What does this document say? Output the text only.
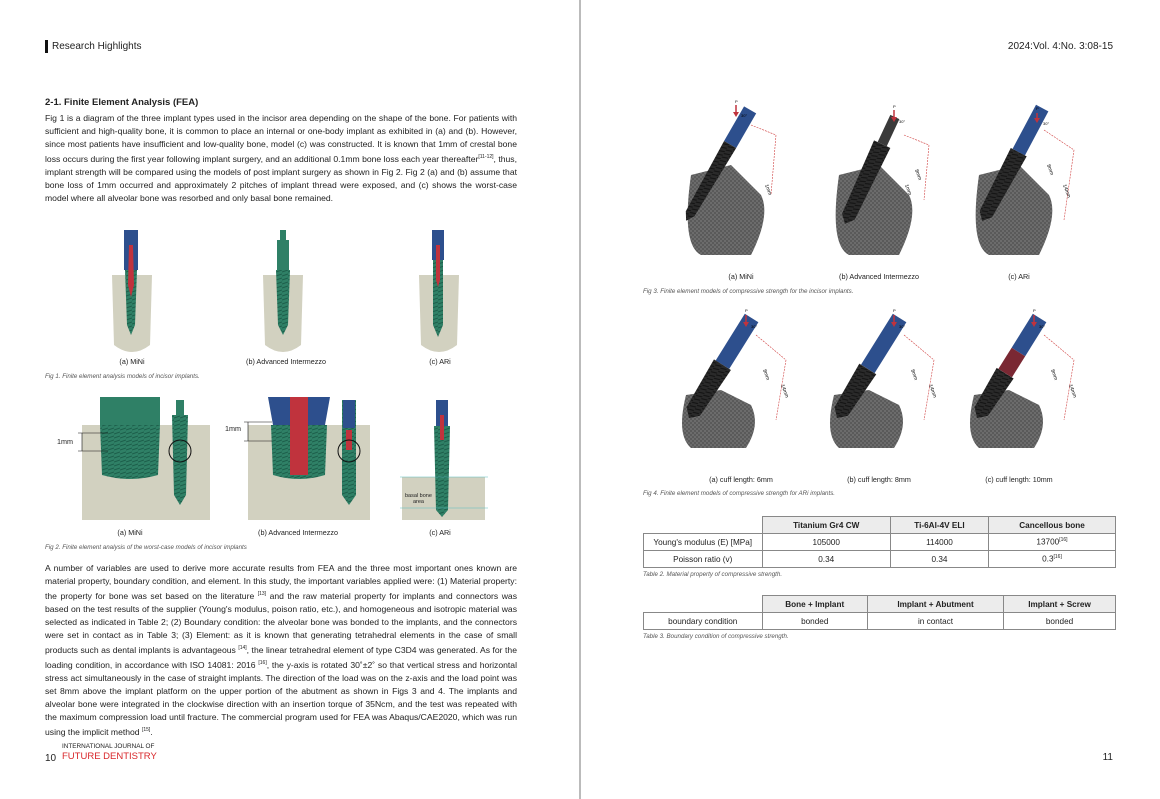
Research Highlights
2-1. Finite Element Analysis (FEA)

Fig 1 is a diagram of the three implant types used in the incisor area depending on the shape of the bone. For patients with sufficient and high-quality bone, it is common to place an internal or one-body implant as exhibited in (a) and (b). However, since most patients have insufficient and low-quality bone, model (c) was constructed. It is known that 1mm of crestal bone loss occurs during the first year following implant surgery, and an additional 0.1mm bone loss each year thereafter[11-12], thus, implant strength will be compared using the models of post implant surgery as shown in Fig 2. Fig 2 (a) and (b) assume that bone loss of 1mm occurred and approximately 2 pitches of implant thread were exposed, and (c) shows the worst-case model where all alveolar bone was resorbed and only basal bone remained.

(a) MiNi	(b) Advanced Intermezzo	(c) ARi
Fig 1. Finite element analysis models of incisor implants.
1mm
1mm
basal bone
area
(a) MiNi	(b) Advanced Intermezzo	(c) ARi
Fig 2. Finite element analysis of the worst-case models of incisor implants

A number of variables are used to derive more accurate results from FEA and the three most important ones known are material property, boundary condition, and element. In this study, the important variables applied were: (1) Material property: the property for bone was set based on the literature [13] and the raw material property for implants and connectors was based on the test results of the supplier (Young's modulus, poison ratio, etc.), and homogeneous and isotropic material was selected as indicated in Table 2; (2) Boundary condition: the alveolar bone was bonded to the implants, and the connectors were set in contact as in Table 3; (3) Element: as it is known that generating tetrahedral elements in the case of small products such as dental implants is advantageous [14], the linear tetrahedral element of type C3D4 was generated. As for the loading condition, in accordance with ISO 14081: 2016 [16], the y-axis is rotated 30˚±2˚ so that vertical stress and horizontal stress act simultaneously in the case of straight implants. The direction of the load was on the z-axis and the load point was set 8mm above the implant platform on the upper portion of the abutment as shown in Figs 3 and 4. The implants and alveolar bone were integrated in the clockwise direction with an insertion torque of 35Ncm, and the test was repeated with the maximum compression load until fracture. The commercial program used for FEA was Abaqus/CAE2020, which was run using the implicit method [15].

10
INTERNATIONAL JOURNAL OF
FUTURE DENTISTRY
2024:Vol. 4:No. 3:08-15
P
30°
1mm
P
30°
8mm
1mm
P
30°
8mm
14mm
(a) MiNi	(b) Advanced Intermezzo	(c) ARi
Fig 3. Finite element models of compressive strength for the incisor implants.
P
30°
8mm
14mm
P
30°
8mm
14mm
P
30°
8mm
14mm
(a) cuff length: 6mm	(b) cuff length: 8mm	(c) cuff length: 10mm
Fig 4. Finite element models of compressive strength for ARi implants.
	Titanium Gr4 CW	Ti-6Al-4V ELI	Cancellous bone
Young's modulus (E) [MPa]	105000	114000	13700[16]
Poisson ratio (v)	0.34	0.34	0.3[16]
Table 2. Material property of compressive strength.
	Bone + Implant	Implant + Abutment	Implant + Screw
boundary condition	bonded	in contact	bonded
Table 3. Boundary condition of compressive strength.
11
